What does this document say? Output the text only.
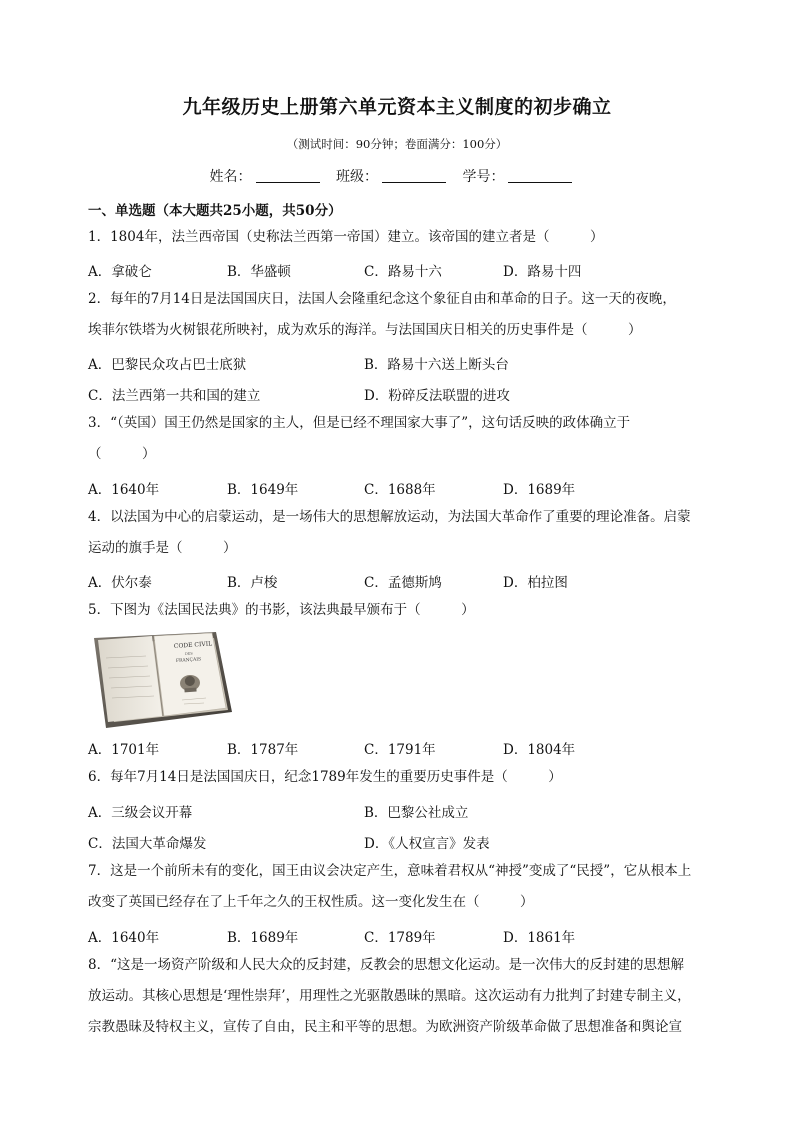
九年级历史上册第六单元资本主义制度的初步确立
（测试时间：90分钟；卷面满分：100分）
姓名：	班级：	学号：
一、单选题（本大题共25小题，共50分）
1．1804年，法兰西帝国（史称法兰西第一帝国）建立。该帝国的建立者是（　　　）
A．拿破仑	B．华盛顿	C．路易十六	D．路易十四
2．每年的7月14日是法国国庆日，法国人会隆重纪念这个象征自由和革命的日子。这一天的夜晚，
埃菲尔铁塔为火树银花所映衬，成为欢乐的海洋。与法国国庆日相关的历史事件是（　　　）
A．巴黎民众攻占巴士底狱	B．路易十六送上断头台
C．法兰西第一共和国的建立	D．粉碎反法联盟的进攻
3．“（英国）国王仍然是国家的主人，但是已经不理国家大事了”，这句话反映的政体确立于
（　　　）
A．1640年	B．1649年	C．1688年	D．1689年
4．以法国为中心的启蒙运动，是一场伟大的思想解放运动，为法国大革命作了重要的理论准备。启蒙
运动的旗手是（　　　）
A．伏尔泰	B．卢梭	C．孟德斯鸠	D．柏拉图
5．下图为《法国民法典》的书影，该法典最早颁布于（　　　）
CODE CIVIL
DES
FRANÇAIS
A．1701年	B．1787年	C．1791年	D．1804年
6．每年7月14日是法国国庆日，纪念1789年发生的重要历史事件是（　　　）
A．三级会议开幕	B．巴黎公社成立
C．法国大革命爆发	D．《人权宣言》发表
7．这是一个前所未有的变化，国王由议会决定产生，意味着君权从“神授”变成了“民授”，它从根本上
改变了英国已经存在了上千年之久的王权性质。这一变化发生在（　　　）
A．1640年	B．1689年	C．1789年	D．1861年
8．“这是一场资产阶级和人民大众的反封建，反教会的思想文化运动。是一次伟大的反封建的思想解
放运动。其核心思想是‘理性崇拜’，用理性之光驱散愚昧的黑暗。这次运动有力批判了封建专制主义，
宗教愚昧及特权主义，宣传了自由，民主和平等的思想。为欧洲资产阶级革命做了思想准备和舆论宣
